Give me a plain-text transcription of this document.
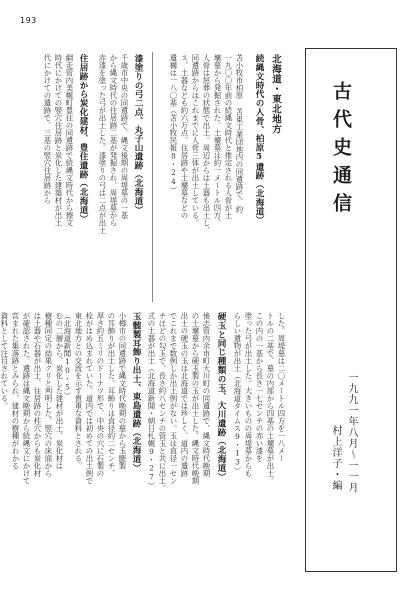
193
古代史通信
一九九一年八月〜一一月
村上洋子・編
北海道・東北地方
続縄文時代の人骨、柏原5遺跡（北海道）
苫小牧市柏原 苫東工業団地内の同遺跡で、約
一九〇〇年前の続縄文時代と推定される人骨が土
壙墓から発掘された。土壙墓は約一メートル四方、
人骨は屈葬の状態で出土。周辺からは土器も出土し、
同遺跡からはこれまでに人骨三体が出土している。
ス、土器なども約六万点、住居跡や土壙墓などの
遺構は一八〇基（苫小牧民報8・24）
漆塗りの弓二点、丸子山遺跡（北海道）
千歳市中央の同遺跡で、縄文後期の周堤墓の一基
から縄文時代の住居跡二基が発掘され、周堤墓から
赤漆を塗った弓が出土した。漆塗りの弓は二点が出土
住居跡から炭化建材、豊住遺跡（北海道）
網走管内美幌町豊住の同遺跡で続縄文時代から擦文
時代にかけての竪穴住居跡と炭化した建築材が出土
代にかけての遺跡で、三基の竪穴住居跡から
した。周堤墓は二〇メートル四方を一八メー
トルの二基で、墓の内部から四基の土壙墓が出土。
この内の一基から長さ一七センチの赤い漆を
塗った弓が出土した。大きいものの周堤墓からも
らしい遺物が出土（北海道タイムス9・13）
硬玉と同じ種類の玉、大川遺跡（北海道）
後志管内余市町大川町の同遺跡で、縄文時代晩期
の土壙墓から硬玉製の玉が出土した。縄文時代晩期
出土の硬玉の玉は北海道では珍しく、道内の遺跡
でこれまで数例しか出土例がない。玉は直径一セン
チほどの勾玉で、長さ約八センチの管玉と共に出土。
式の土器が出土（北海道新聞・朝日札幌9・27）
玉髄製耳飾り出土、東島遺跡（北海道）
小樽市の同遺跡で縄文時代晩期の墓から玉髄製
の耳飾りが出土した。耳飾りは直径約二センチ、
厚さ約五ミリのドーナツ形で、中央の穴に石製の
栓がはめ込まれていた。道内では初めての出土例で
東北地方との交流を示す貴重な資料とされる。
（北海道新聞10・5）
むの二層から、炭化した建材が出土。炭化材は
樹種同定の結果クリと判明した。竪穴の床面から
は土器や石器が出土、住居跡の柱穴からも炭化材
が確認された。遺跡は縄文晩期から続縄文にかけて
営まれた集落跡とみられ、建材の樹種がわかる
資料として注目されている。
